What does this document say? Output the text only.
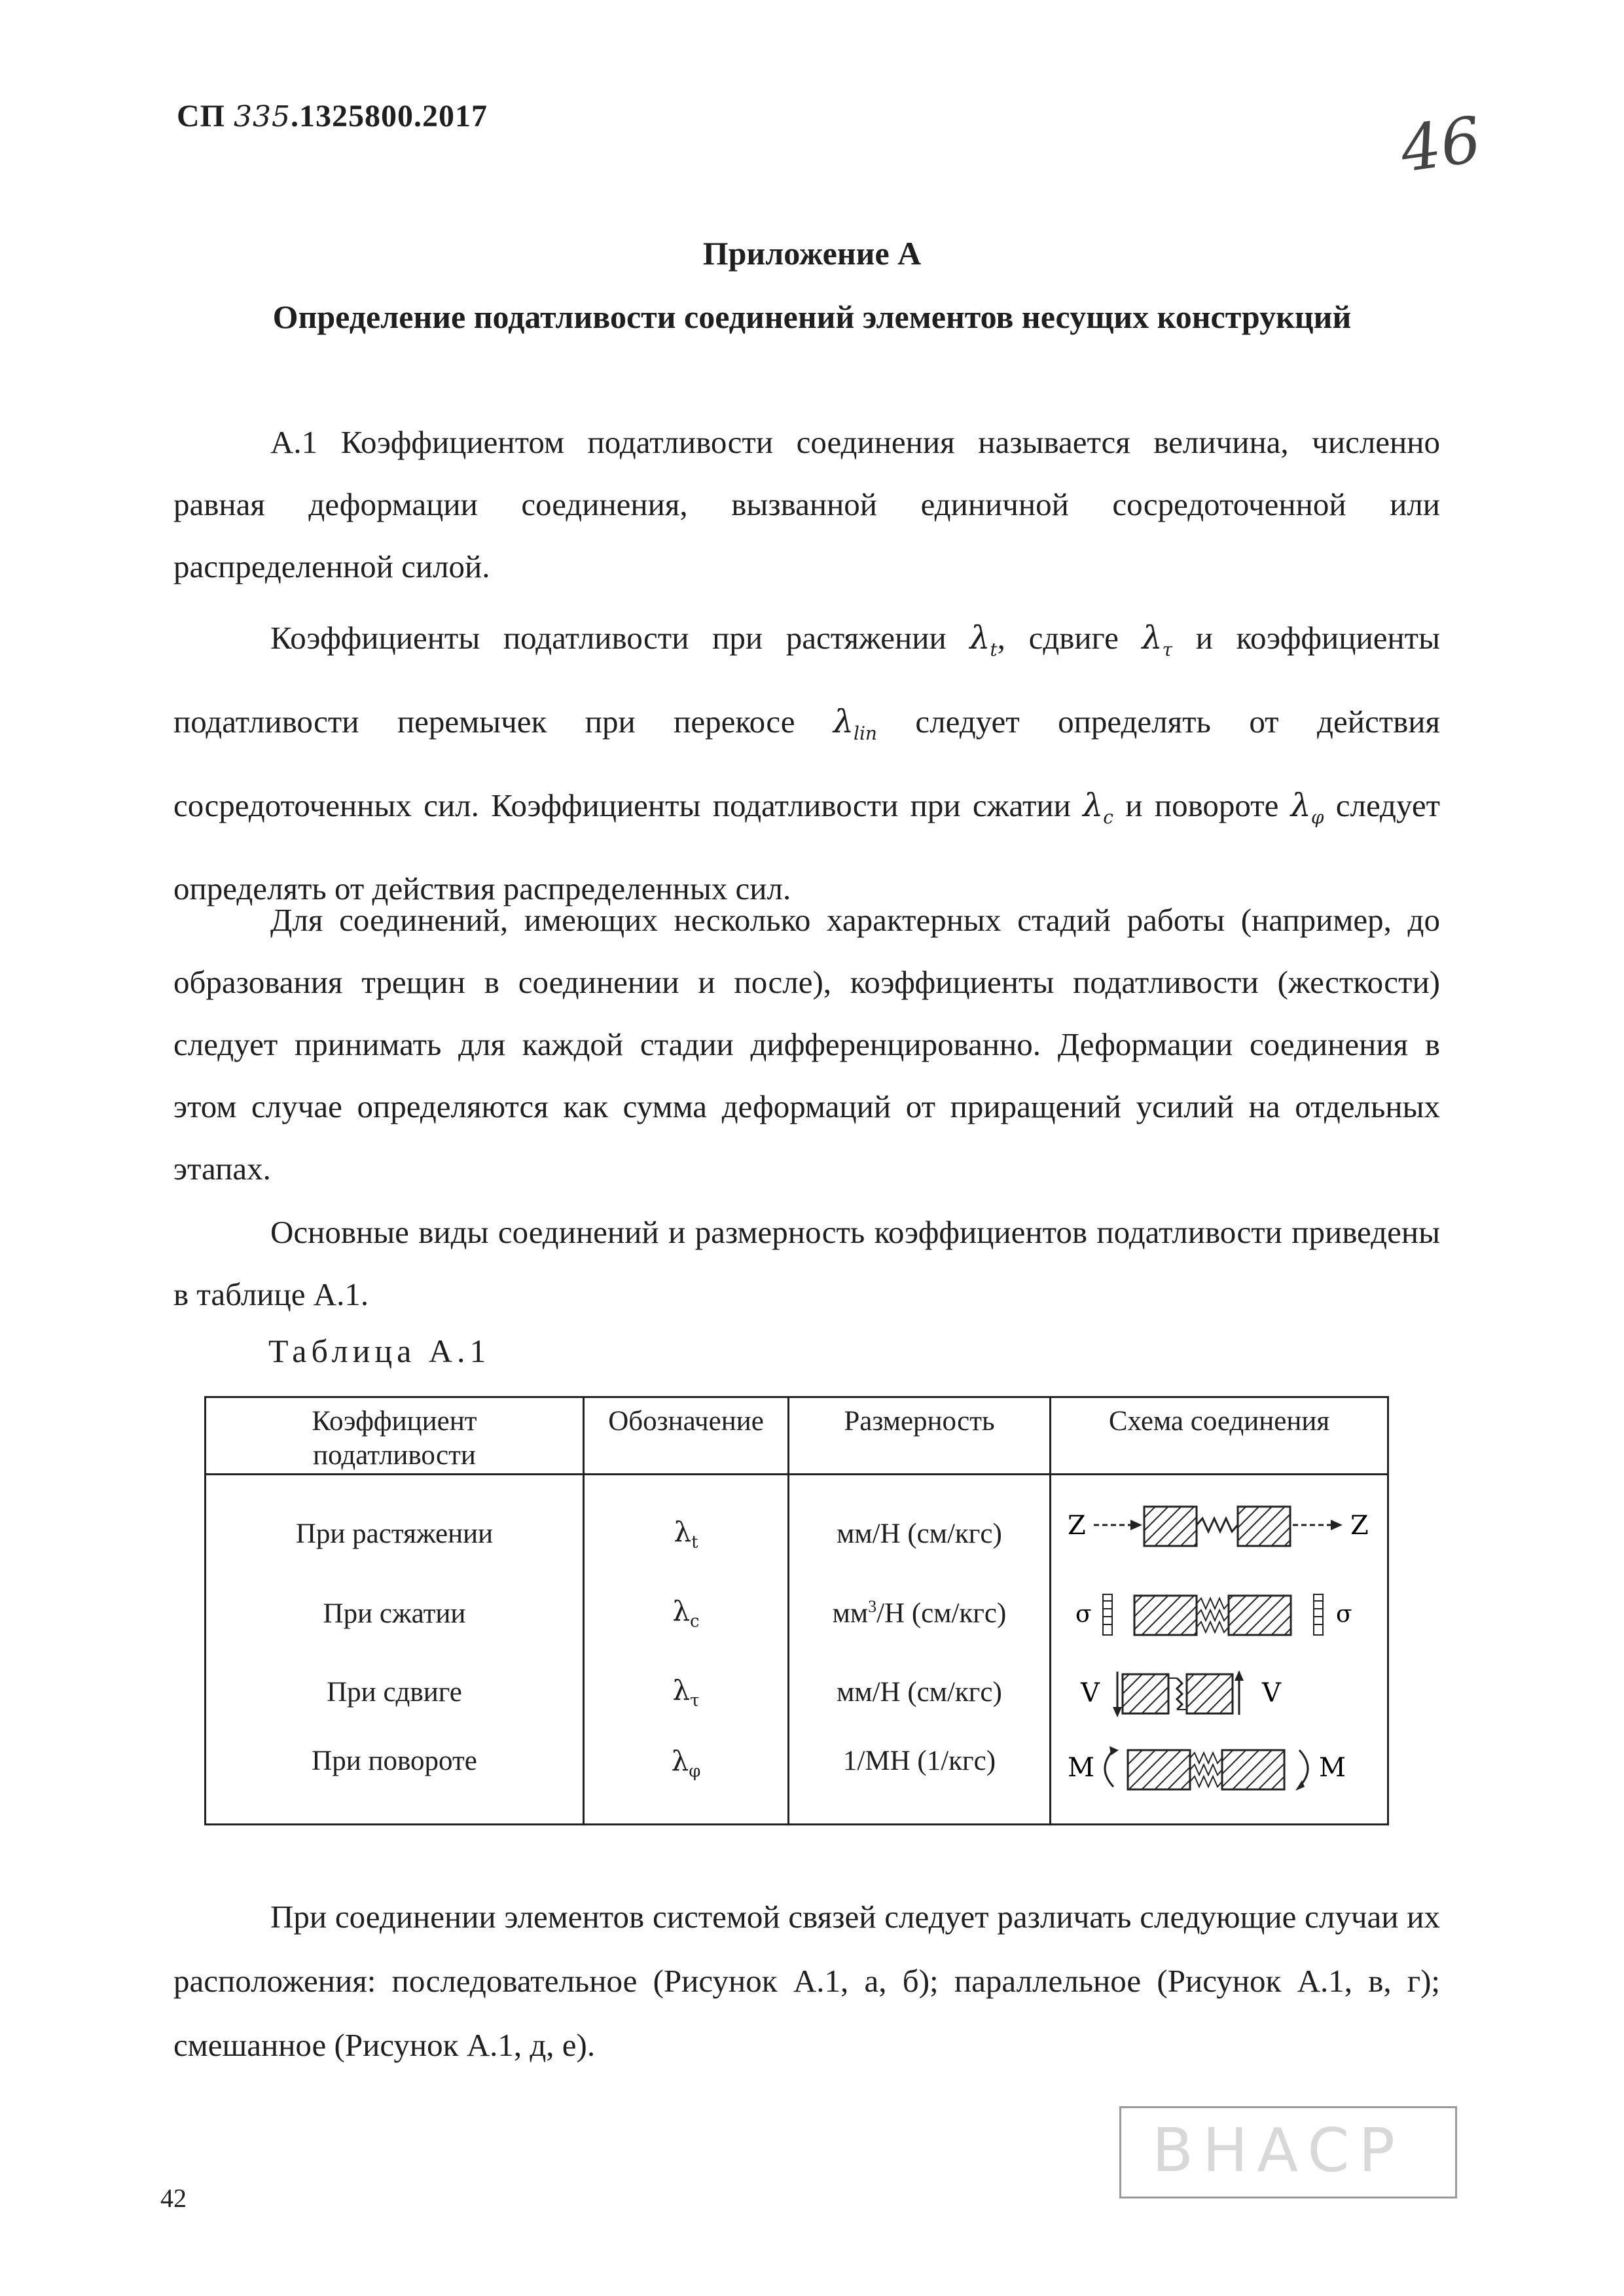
СП 335.1325800.2017	46
Приложение А
Определение податливости соединений элементов несущих конструкций
А.1 Коэффициентом податливости соединения называется величина, численно равная деформации соединения, вызванной единичной сосредоточенной или распределенной силой.
Коэффициенты податливости при растяжении $\lambda_t$, сдвиге $\lambda_\tau$ и коэффициенты податливости перемычек при перекосе $\lambda_{lin}$ следует определять от действия сосредоточенных сил. Коэффициенты податливости при сжатии $\lambda_c$ и повороте $\lambda_\varphi$ следует определять от действия распределенных сил.
Для соединений, имеющих несколько характерных стадий работы (например, до образования трещин в соединении и после), коэффициенты податливости (жесткости) следует принимать для каждой стадии дифференцированно. Деформации соединения в этом случае определяются как сумма деформаций от приращений усилий на отдельных этапах.
Основные виды соединений и размерность коэффициентов податливости приведены в таблице А.1.
Таблица А.1
Коэффициент податливости	Обозначение	Размерность	Схема соединения
При растяжении	$\lambda_t$	мм/Н (см/кгс)	Z Z

При сжатии	$\lambda_c$	$мм^3/Н$ (см/кгс)	σ σ

При сдвиге	$\lambda_\tau$	мм/Н (см/кгс)	V V

При повороте	$\lambda_\varphi$	1/МН (1/кгс)	M M
При соединении элементов системой связей следует различать следующие случаи их расположения: последовательное (Рисунок А.1, а, б); параллельное (Рисунок А.1, в, г); смешанное (Рисунок А.1, д, е).
42
ВНАСР
